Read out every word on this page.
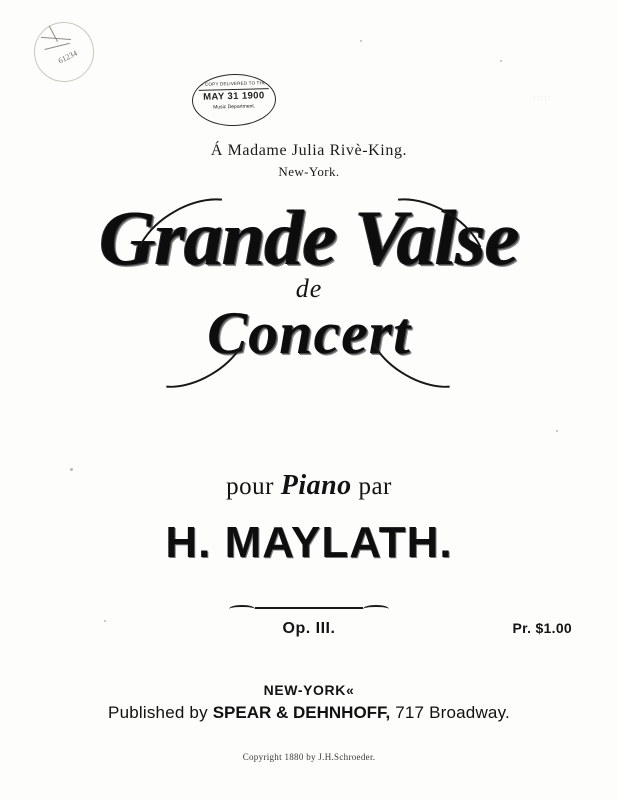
61234
« COPY DELIVERED TO THE
MAY 31 1900
Music Department.
:::::
Á Madame Julia Rivè-King.
New-York.
Grande Valse
de
Concert
pour Piano par
H. MAYLATH.
Op. III.	Pr. $1.00
NEW-YORK«
Published by SPEAR & DEHNHOFF, 717 Broadway.
Copyright 1880 by J.H.Schroeder.
